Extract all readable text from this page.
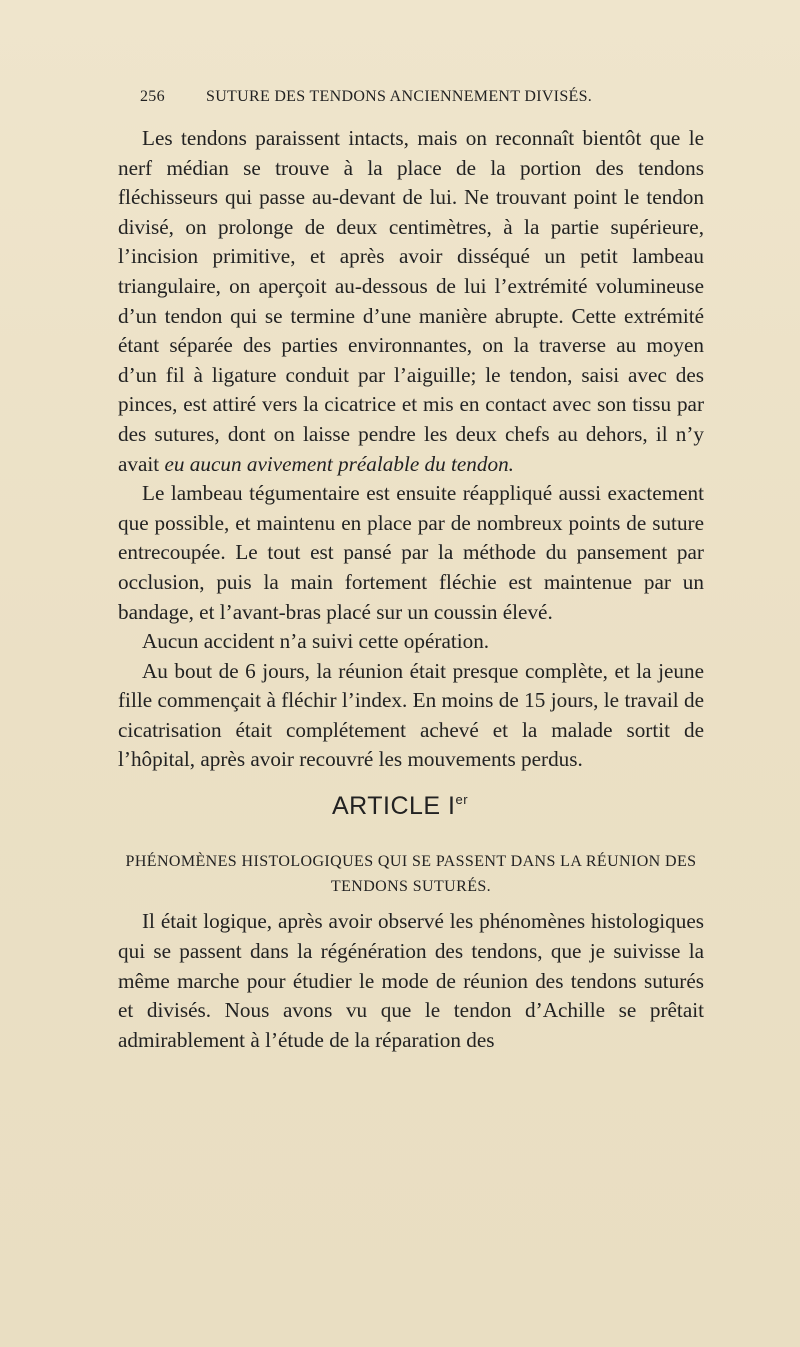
256	SUTURE DES TENDONS ANCIENNEMENT DIVISÉS.

Les tendons paraissent intacts, mais on reconnaît bientôt que le nerf médian se trouve à la place de la portion des tendons fléchisseurs qui passe au-devant de lui. Ne trouvant point le tendon divisé, on prolonge de deux centimètres, à la partie supérieure, l’incision primitive, et après avoir disséqué un petit lambeau triangulaire, on aperçoit au-dessous de lui l’extrémité volumineuse d’un tendon qui se termine d’une manière abrupte. Cette extrémité étant séparée des parties environnantes, on la traverse au moyen d’un fil à ligature conduit par l’aiguille; le tendon, saisi avec des pinces, est attiré vers la cicatrice et mis en contact avec son tissu par des sutures, dont on laisse pendre les deux chefs au dehors, il n’y avait eu aucun avivement préalable du tendon.

Le lambeau tégumentaire est ensuite réappliqué aussi exactement que possible, et maintenu en place par de nombreux points de suture entrecoupée. Le tout est pansé par la méthode du pansement par occlusion, puis la main fortement fléchie est maintenue par un bandage, et l’avant-bras placé sur un coussin élevé.

Aucun accident n’a suivi cette opération.

Au bout de 6 jours, la réunion était presque complète, et la jeune fille commençait à fléchir l’index. En moins de 15 jours, le travail de cicatrisation était complétement achevé et la malade sortit de l’hôpital, après avoir recouvré les mouvements perdus.

ARTICLE Ier
PHÉNOMÈNES HISTOLOGIQUES QUI SE PASSENT DANS LA RÉUNION DES TENDONS SUTURÉS.

Il était logique, après avoir observé les phénomènes histologiques qui se passent dans la régénération des tendons, que je suivisse la même marche pour étudier le mode de réunion des tendons suturés et divisés. Nous avons vu que le tendon d’Achille se prêtait admirablement à l’étude de la réparation des
